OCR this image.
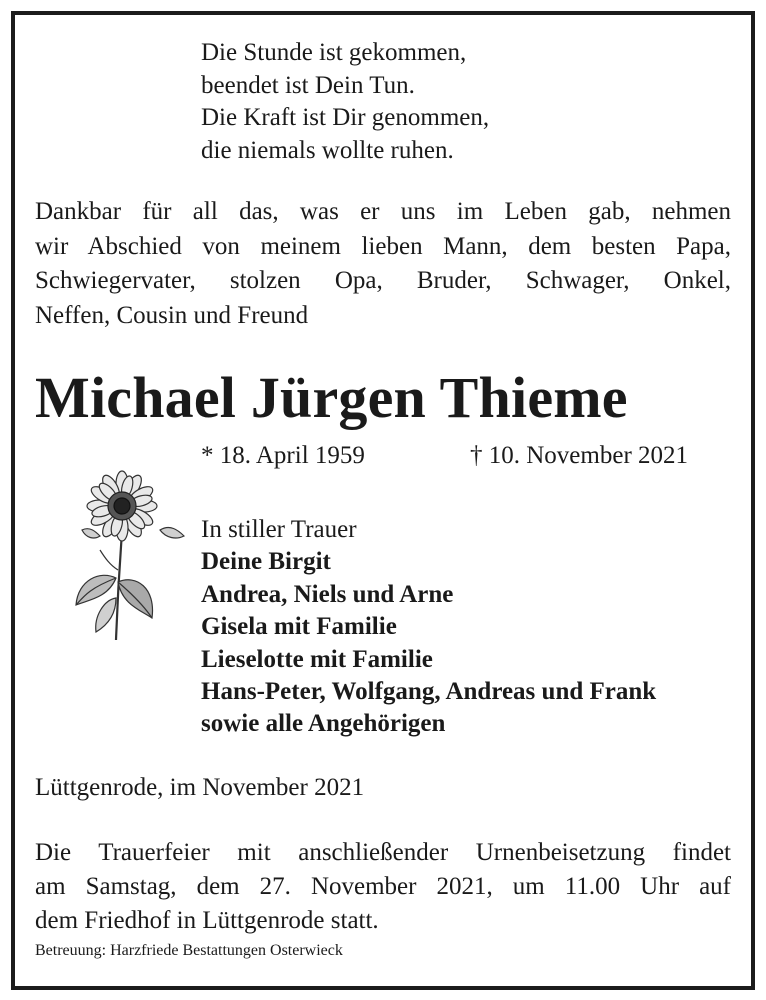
Die Stunde ist gekommen,
beendet ist Dein Tun.
Die Kraft ist Dir genommen,
die niemals wollte ruhen.
Dankbar für all das, was er uns im Leben gab, nehmen
wir Abschied von meinem lieben Mann, dem besten Papa,
Schwiegervater, stolzen Opa, Bruder, Schwager, Onkel,
Neffen, Cousin und Freund
Michael Jürgen Thieme
* 18. April 1959	† 10. November 2021
In stiller Trauer
Deine Birgit
Andrea, Niels und Arne
Gisela mit Familie
Lieselotte mit Familie
Hans-Peter, Wolfgang, Andreas und Frank
sowie alle Angehörigen
Lüttgenrode, im November 2021
Die Trauerfeier mit anschließender Urnenbeisetzung findet
am Samstag, dem 27. November 2021, um 11.00 Uhr auf
dem Friedhof in Lüttgenrode statt.
Betreuung: Harzfriede Bestattungen Osterwieck
